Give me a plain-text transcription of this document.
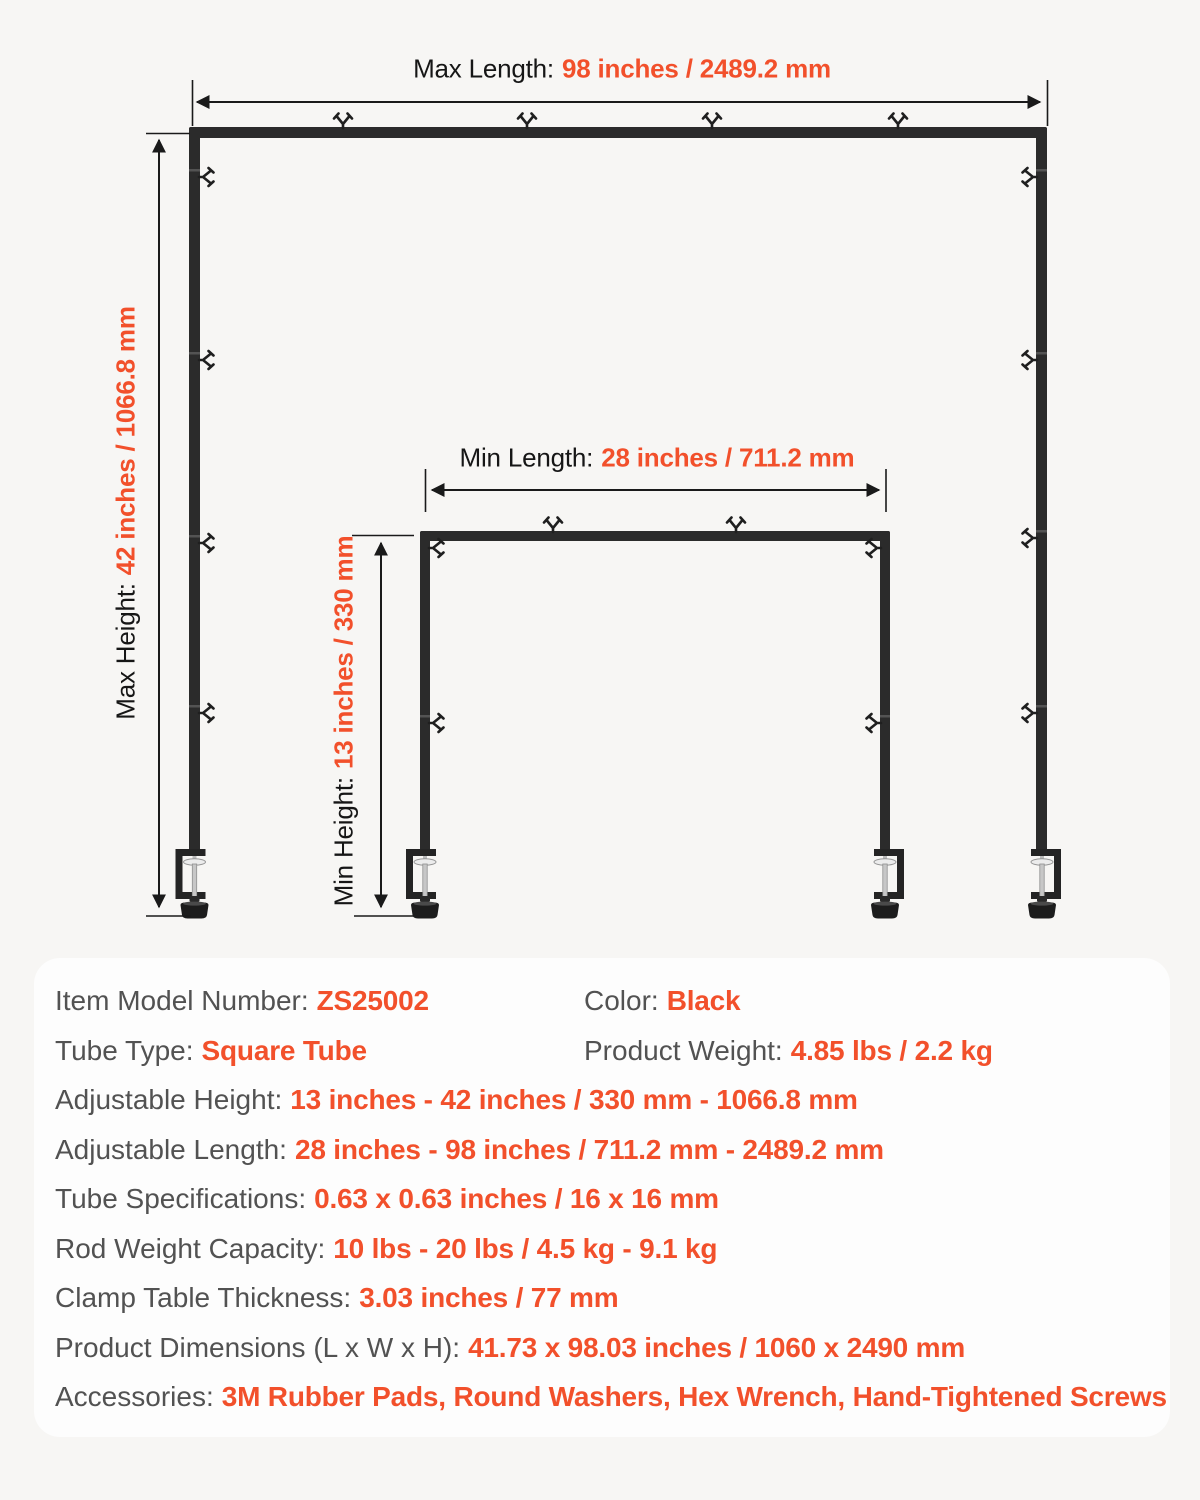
Max Length: 98 inches / 2489.2 mm
Max Height:42 inches / 1066.8 mm	Min Length: 28 inches / 711.2 mm
Min Height:13 inches / 330 mm
Item Model Number: ZS25002	Color: Black
Tube Type: Square Tube	Product Weight: 4.85 lbs / 2.2 kg
Adjustable Height: 13 inches - 42 inches / 330 mm - 1066.8 mm
Adjustable Length: 28 inches - 98 inches / 711.2 mm - 2489.2 mm
Tube Specifications: 0.63 x 0.63 inches / 16 x 16 mm
Rod Weight Capacity: 10 lbs - 20 lbs / 4.5 kg - 9.1 kg
Clamp Table Thickness: 3.03 inches / 77 mm
Product Dimensions (L x W x H): 41.73 x 98.03 inches / 1060 x 2490 mm
Accessories: 3M Rubber Pads, Round Washers, Hex Wrench, Hand-Tightened Screws
